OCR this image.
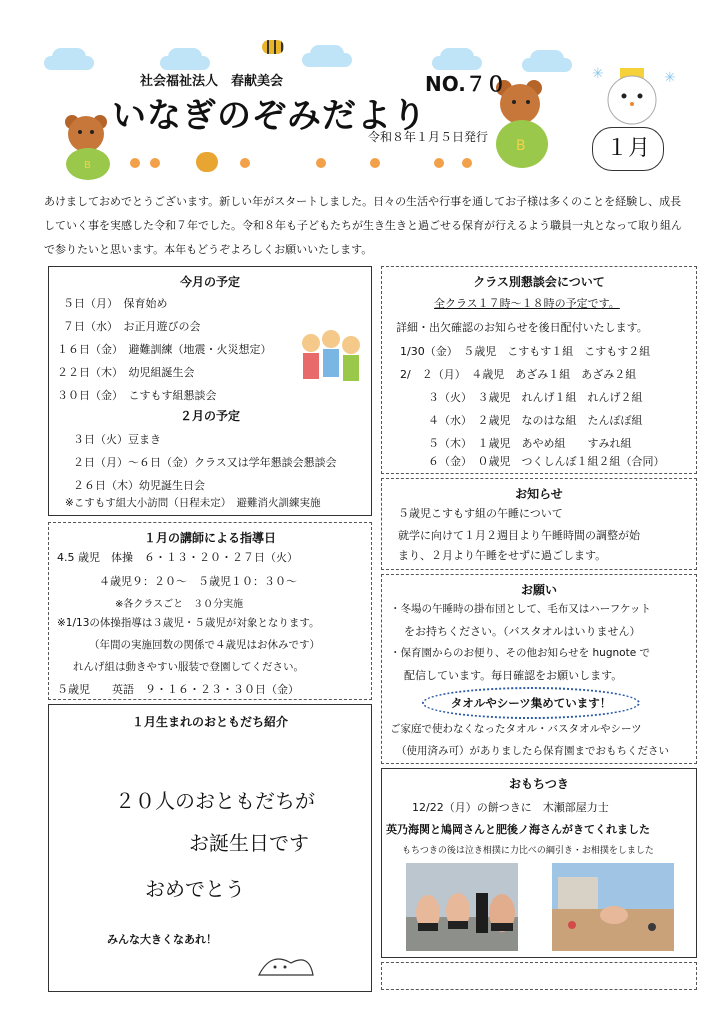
B
B
社会福祉法人　春献美会
いなぎのぞみだより
NO.７０
令和８年１月５日発行
✳	✳
１月
あけましておめでとうございます。新しい年がスタートしました。日々の生活や行事を通してお子様は多くのことを経験し、成長していく事を実感した令和７年でした。令和８年も子どもたちが生き生きと過ごせる保育が行えるよう職員一丸となって取り組んで参りたいと思います。本年もどうぞよろしくお願いいたします。
今月の予定
５日（月）　保育始め
７日（水）　お正月遊びの会
１６日（金）　避難訓練（地震・火災想定）
２２日（木）　幼児組誕生会
３０日（金）　こすもす組懇談会
２月の予定
３日（火）豆まき
２日（月）～６日（金）クラス又は学年懇談会懇談会
２６日（木）幼児誕生日会
※こすもす組大小訪問（日程未定）　避難消火訓練実施
１月の講師による指導日
4.5 歳児　体操　６・１３・２０・２７日（火）
４歳児９：２０～　５歳児１０：３０～
※各クラスごと　３０分実施
※1/13の体操指導は３歳児・５歳児が対象となります。
（年間の実施回数の関係で４歳児はお休みです）
れんげ組は動きやすい服装で登園してください。
５歳児　　英語　９・１６・２３・３０日（金）
１月生まれのおともだち紹介
２０人のおともだちが
お誕生日です
おめでとう
みんな大きくなあれ！
クラス別懇談会について
全クラス１７時～１８時の予定です。
詳細・出欠確認のお知らせを後日配付いたします。
1/30（金）　５歳児　こすもす１組　こすもす２組
2/　２（月）　４歳児　あざみ１組　あざみ２組
３（火）　３歳児　れんげ１組　れんげ２組
４（水）　２歳児　なのはな組　たんぽぽ組
５（木）　１歳児　あやめ組　　すみれ組
６（金）　０歳児　つくしんぼ１組２組（合同）
お知らせ
５歳児こすもす組の午睡について
就学に向けて１月２週目より午睡時間の調整が始
まり、２月より午睡をせずに過ごします。
お願い
・冬場の午睡時の掛布団として、毛布又はハーフケット
をお持ちください。（バスタオルはいりません）
・保育園からのお便り、その他お知らせを hugnote で
配信しています。毎日確認をお願いします。
タオルやシーツ集めています！
ご家庭で使わなくなったタオル・バスタオルやシーツ
（使用済み可）がありましたら保育園までおもちください
おもちつき
12/22（月）の餅つきに　木瀬部屋力士
英乃海関と鳩岡さんと肥後ノ海さんがきてくれました
もちつきの後は泣き相撲に力比べの綱引き・お相撲をしました
